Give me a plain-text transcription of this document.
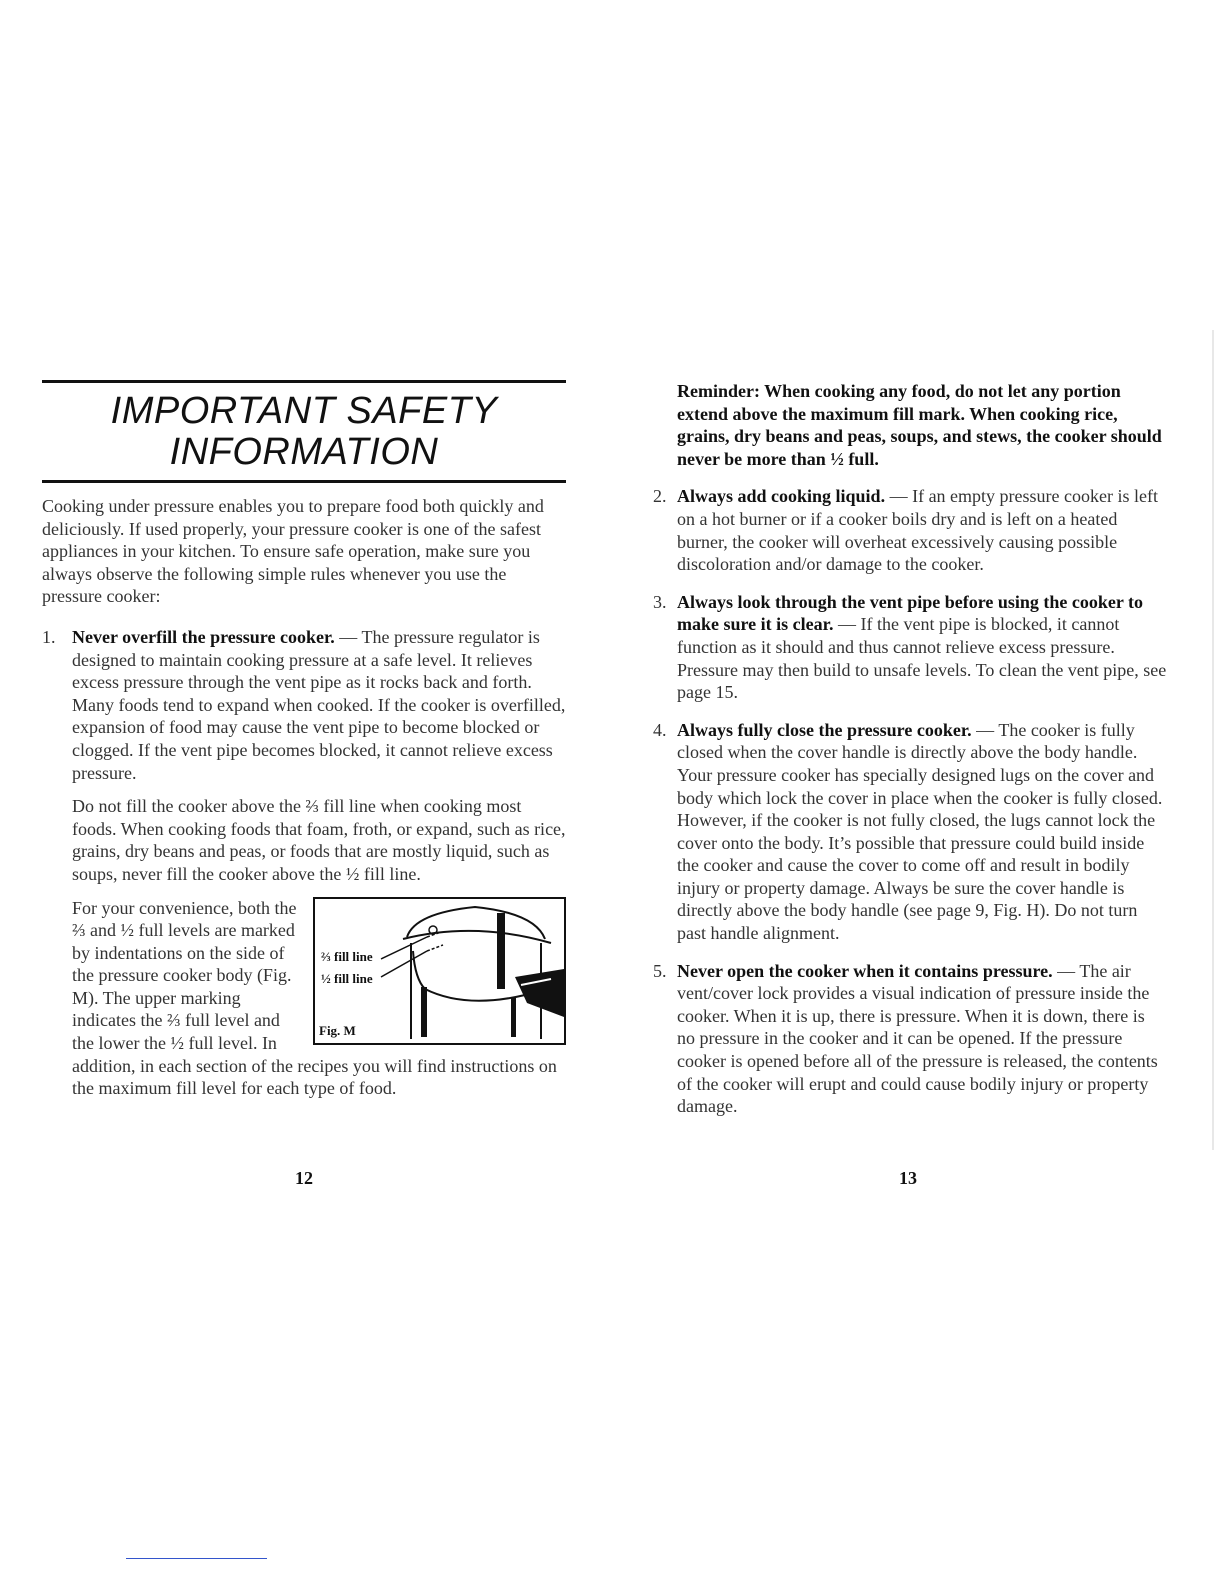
IMPORTANT SAFETY
INFORMATION

Cooking under pressure enables you to prepare food both quickly and deliciously. If used properly, your pressure cooker is one of the safest appliances in your kitchen. To ensure safe operation, make sure you always observe the following simple rules whenever you use the pressure cooker:

1. Never overfill the pressure cooker. — The pressure regulator is designed to maintain cooking pressure at a safe level. It relieves excess pressure through the vent pipe as it rocks back and forth. Many foods tend to expand when cooked. If the cooker is overfilled, expansion of food may cause the vent pipe to become blocked or clogged. If the vent pipe becomes blocked, it cannot relieve excess pressure.

Do not fill the cooker above the ⅔ fill line when cooking most foods. When cooking foods that foam, froth, or expand, such as rice, grains, dry beans and peas, or foods that are mostly liquid, such as soups, never fill the cooker above the ½ fill line.

⅔ fill line
½ fill line
Fig. M

For your convenience, both the ⅔ and ½ full levels are marked by indentations on the side of the pressure cooker body (Fig. M). The upper marking indicates the ⅔ full level and the lower the ½ full level. In addition, in each section of the recipes you will find instructions on the maximum fill level for each type of food.

12

Reminder: When cooking any food, do not let any portion extend above the maximum fill mark. When cooking rice, grains, dry beans and peas, soups, and stews, the cooker should never be more than ½ full.

2. Always add cooking liquid. — If an empty pressure cooker is left on a hot burner or if a cooker boils dry and is left on a heated burner, the cooker will overheat excessively causing possible discoloration and/or damage to the cooker.

3. Always look through the vent pipe before using the cooker to make sure it is clear. — If the vent pipe is blocked, it cannot function as it should and thus cannot relieve excess pressure. Pressure may then build to unsafe levels. To clean the vent pipe, see page 15.

4. Always fully close the pressure cooker. — The cooker is fully closed when the cover handle is directly above the body handle. Your pressure cooker has specially designed lugs on the cover and body which lock the cover in place when the cooker is fully closed. However, if the cooker is not fully closed, the lugs cannot lock the cover onto the body. It’s possible that pressure could build inside the cooker and cause the cover to come off and result in bodily injury or property damage. Always be sure the cover handle is directly above the body handle (see page 9, Fig. H). Do not turn past handle alignment.

5. Never open the cooker when it contains pressure. — The air vent/cover lock provides a visual indication of pressure inside the cooker. When it is up, there is pressure. When it is down, there is no pressure in the cooker and it can be opened. If the pressure cooker is opened before all of the pressure is released, the contents of the cooker will erupt and could cause bodily injury or property damage.

13
